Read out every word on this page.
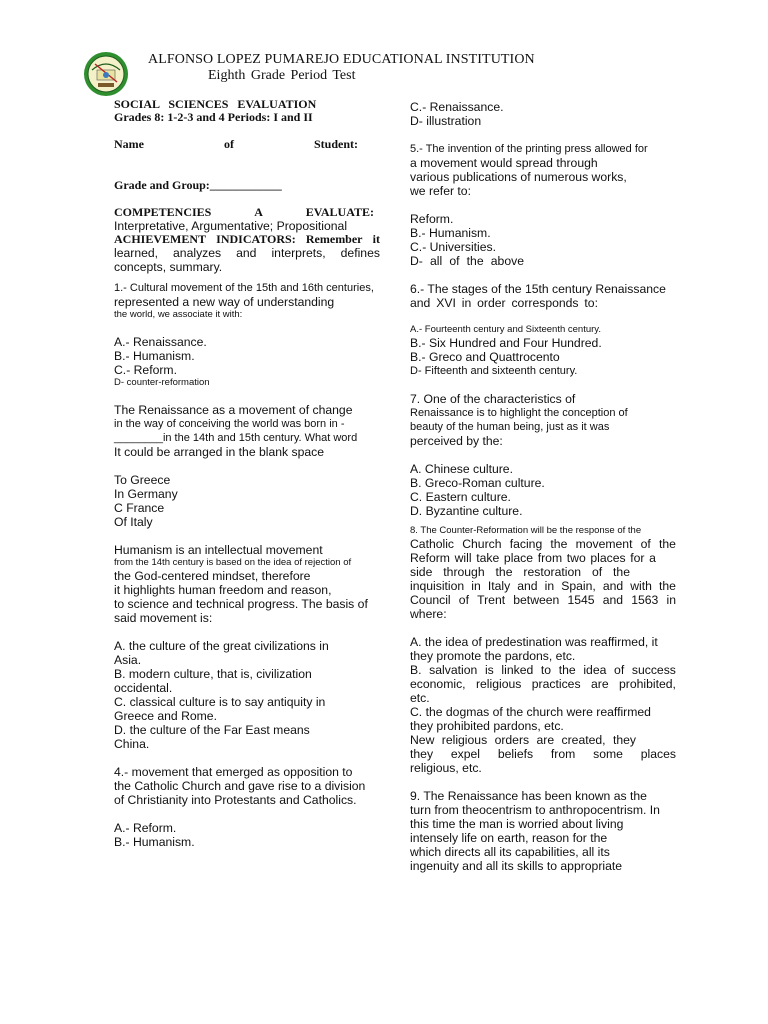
ALFONSO LOPEZ PUMAREJO EDUCATIONAL INSTITUTION
Eighth Grade Period Test
SOCIAL SCIENCES EVALUATION
Grades 8: 1-2-3 and 4 Periods: I and II
Name	of	Student:
Grade and Group:____________
COMPETENCIES	A	EVALUATE:
Interpretative, Argumentative; Propositional
ACHIEVEMENT INDICATORS: Remember it
learned, analyzes and interprets, defines
concepts, summary.
1.- Cultural movement of the 15th and 16th centuries,
represented a new way of understanding
the world, we associate it with:
A.- Renaissance.
B.- Humanism.
C.- Reform.
D- counter-reformation
The Renaissance as a movement of change
in the way of conceiving the world was born in -
________in the 14th and 15th century. What word
It could be arranged in the blank space
To Greece
In Germany
C France
Of Italy
Humanism is an intellectual movement
from the 14th century is based on the idea of rejection of
the God-centered mindset, therefore
it highlights human freedom and reason,
to science and technical progress. The basis of
said movement is:
A. the culture of the great civilizations in
Asia.
B. modern culture, that is, civilization
occidental.
C. classical culture is to say antiquity in
Greece and Rome.
D. the culture of the Far East means
China.
4.- movement that emerged as opposition to
the Catholic Church and gave rise to a division
of Christianity into Protestants and Catholics.
A.- Reform.
B.- Humanism.
C.- Renaissance.
D- illustration
5.- The invention of the printing press allowed for
a movement would spread through
various publications of numerous works,
we refer to:
Reform.
B.- Humanism.
C.- Universities.
D- all of the above
6.- The stages of the 15th century Renaissance
and XVI in order corresponds to:
A.- Fourteenth century and Sixteenth century.
B.- Six Hundred and Four Hundred.
B.- Greco and Quattrocento
D- Fifteenth and sixteenth century.
7. One of the characteristics of
Renaissance is to highlight the conception of
beauty of the human being, just as it was
perceived by the:
A. Chinese culture.
B. Greco-Roman culture.
C. Eastern culture.
D. Byzantine culture.
8. The Counter-Reformation will be the response of the
Catholic Church facing the movement of the
Reform will take place from two places for a
side through the restoration of the
inquisition in Italy and in Spain, and with the
Council of Trent between 1545 and 1563 in
where:
A. the idea of predestination was reaffirmed, it
they promote the pardons, etc.
B. salvation is linked to the idea of success
economic, religious practices are prohibited,
etc.
C. the dogmas of the church were reaffirmed
they prohibited pardons, etc.
New religious orders are created, they
they expel beliefs from some places
religious, etc.
9. The Renaissance has been known as the
turn from theocentrism to anthropocentrism. In
this time the man is worried about living
intensely life on earth, reason for the
which directs all its capabilities, all its
ingenuity and all its skills to appropriate
